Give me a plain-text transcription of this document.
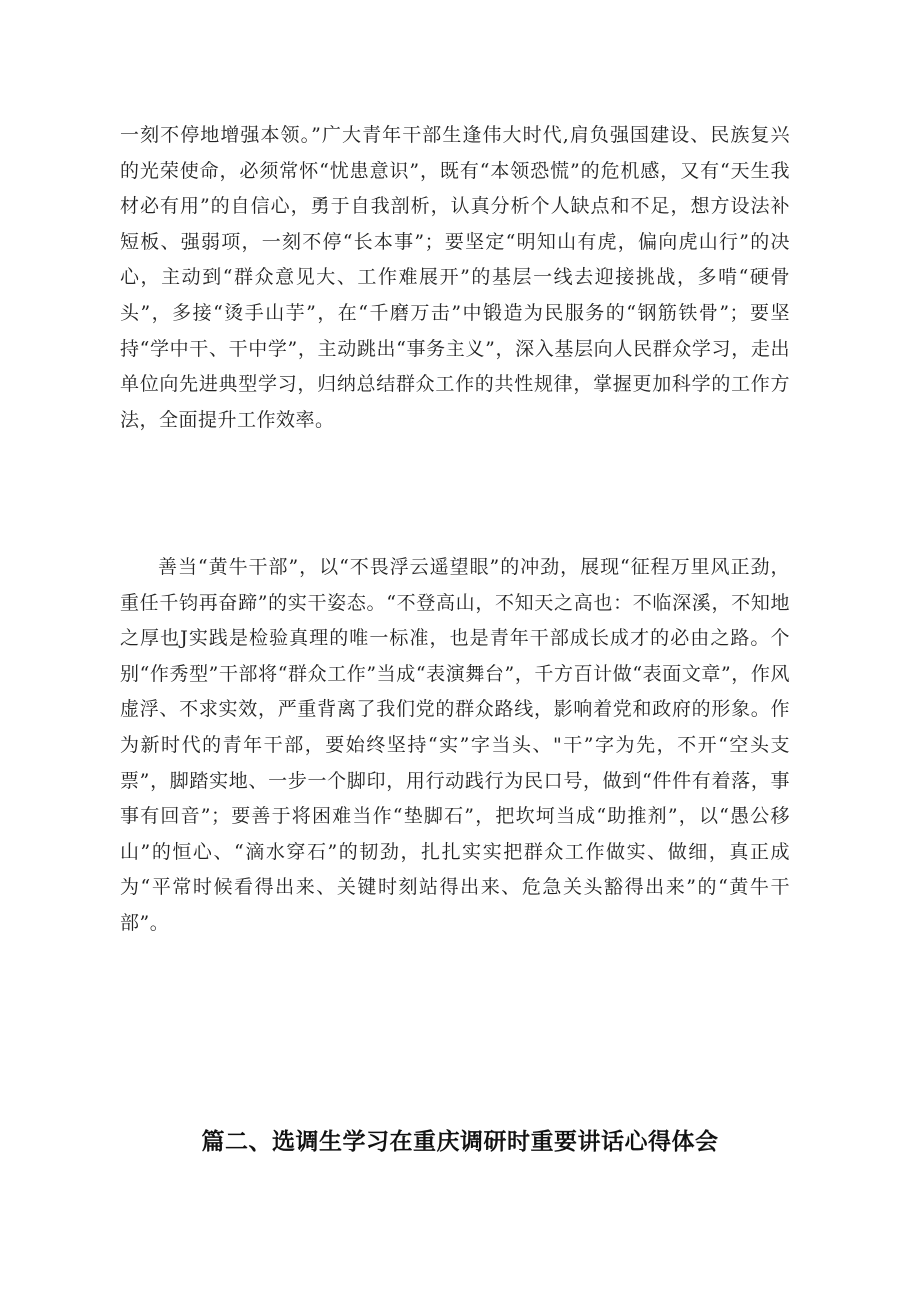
一刻不停地增强本领。”广大青年干部生逢伟大时代,肩负强国建设、民族复兴的光荣使命，必须常怀“忧患意识”，既有“本领恐慌”的危机感，又有“天生我材必有用”的自信心，勇于自我剖析，认真分析个人缺点和不足，想方设法补短板、强弱项，一刻不停“长本事”；要坚定“明知山有虎，偏向虎山行”的决心，主动到“群众意见大、工作难展开”的基层一线去迎接挑战，多啃“硬骨头”，多接“烫手山芋”，在“千磨万击”中锻造为民服务的“钢筋铁骨”；要坚持“学中干、干中学”，主动跳出“事务主义”，深入基层向人民群众学习，走出单位向先进典型学习，归纳总结群众工作的共性规律，掌握更加科学的工作方法，全面提升工作效率。

善当“黄牛干部”，以“不畏浮云遥望眼”的冲劲，展现“征程万里风正劲，重任千钧再奋蹄”的实干姿态。“不登高山，不知天之高也：不临深溪，不知地之厚也J实践是检验真理的唯一标准，也是青年干部成长成才的必由之路。个别“作秀型”干部将“群众工作”当成“表演舞台”，千方百计做“表面文章”，作风虚浮、不求实效，严重背离了我们党的群众路线，影响着党和政府的形象。作为新时代的青年干部，要始终坚持“实”字当头、"干”字为先，不开“空头支票”，脚踏实地、一步一个脚印，用行动践行为民口号，做到“件件有着落，事事有回音”；要善于将困难当作“垫脚石”，把坎坷当成“助推剂”，以“愚公移山”的恒心、“滴水穿石”的韧劲，扎扎实实把群众工作做实、做细，真正成为“平常时候看得出来、关键时刻站得出来、危急关头豁得出来”的“黄牛干部”。

篇二、选调生学习在重庆调研时重要讲话心得体会
